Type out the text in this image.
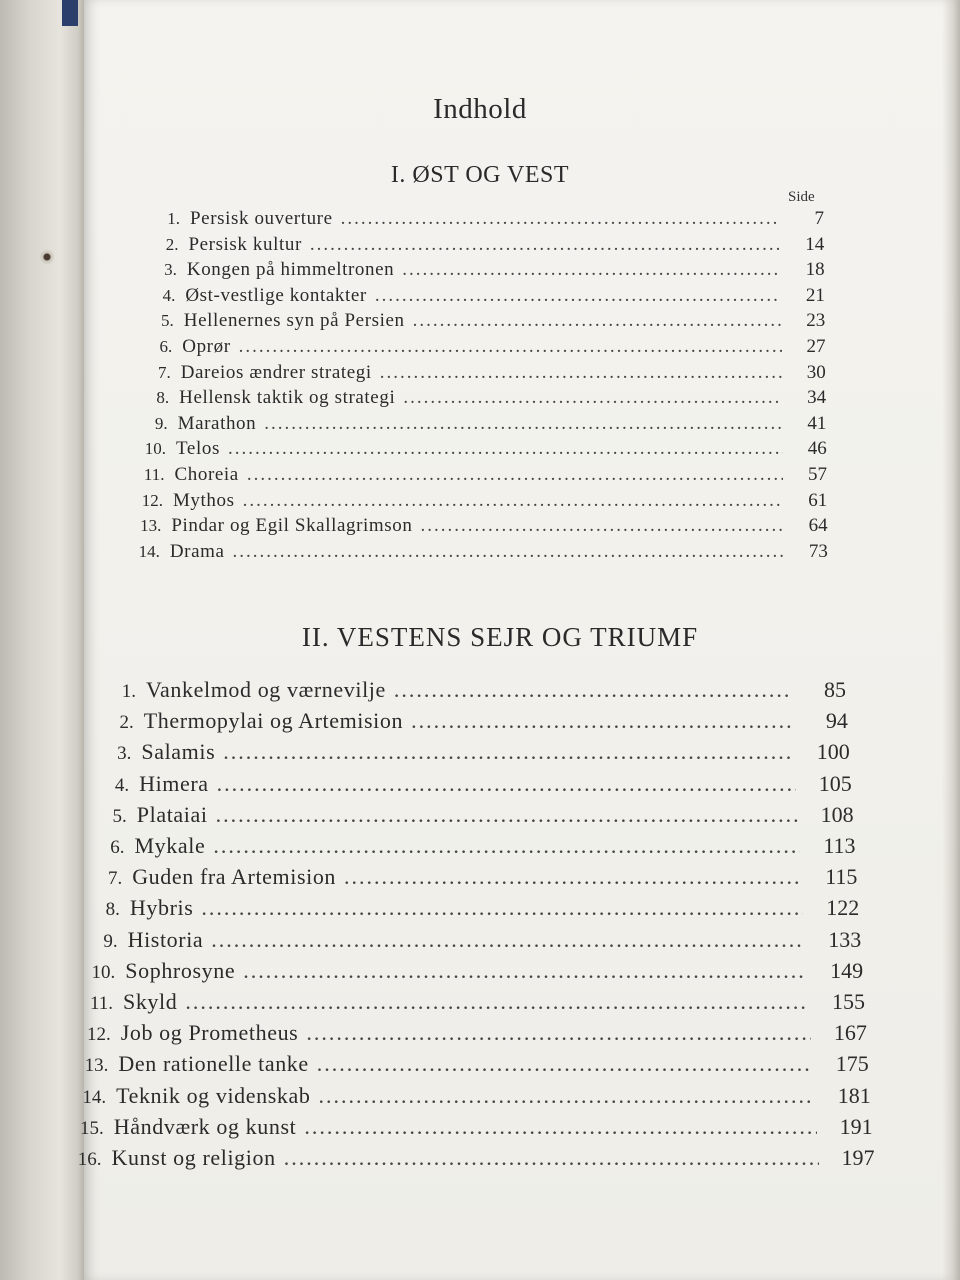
Indhold
I. ØST OG VEST
Side
II. VESTENS SEJR OG TRIUMF
1. Persisk ouverture .....	7
2. Persisk kultur .....	14
3. Kongen på himmeltronen .....	18
4. Øst-vestlige kontakter .....	21
5. Hellenernes syn på Persien .....	23
6. Oprør .....	27
7. Dareios ændrer strategi .....	30
8. Hellensk taktik og strategi .....	34
9. Marathon .....	41
10. Telos .....	46
11. Choreia .....	57
12. Mythos .....	61
13. Pindar og Egil Skallagrimson .....	64
14. Drama .....	73
1. Vankelmod og værnevilje .....	85
2. Thermopylai og Artemision .....	94
3. Salamis .....	100
4. Himera .....	105
5. Plataiai .....	108
6. Mykale .....	113
7. Guden fra Artemision .....	115
8. Hybris .....	122
9. Historia .....	133
10. Sophrosyne .....	149
11. Skyld .....	155
12. Job og Prometheus .....	167
13. Den rationelle tanke .....	175
14. Teknik og videnskab .....	181
15. Håndværk og kunst .....	191
16. Kunst og religion .....	197
